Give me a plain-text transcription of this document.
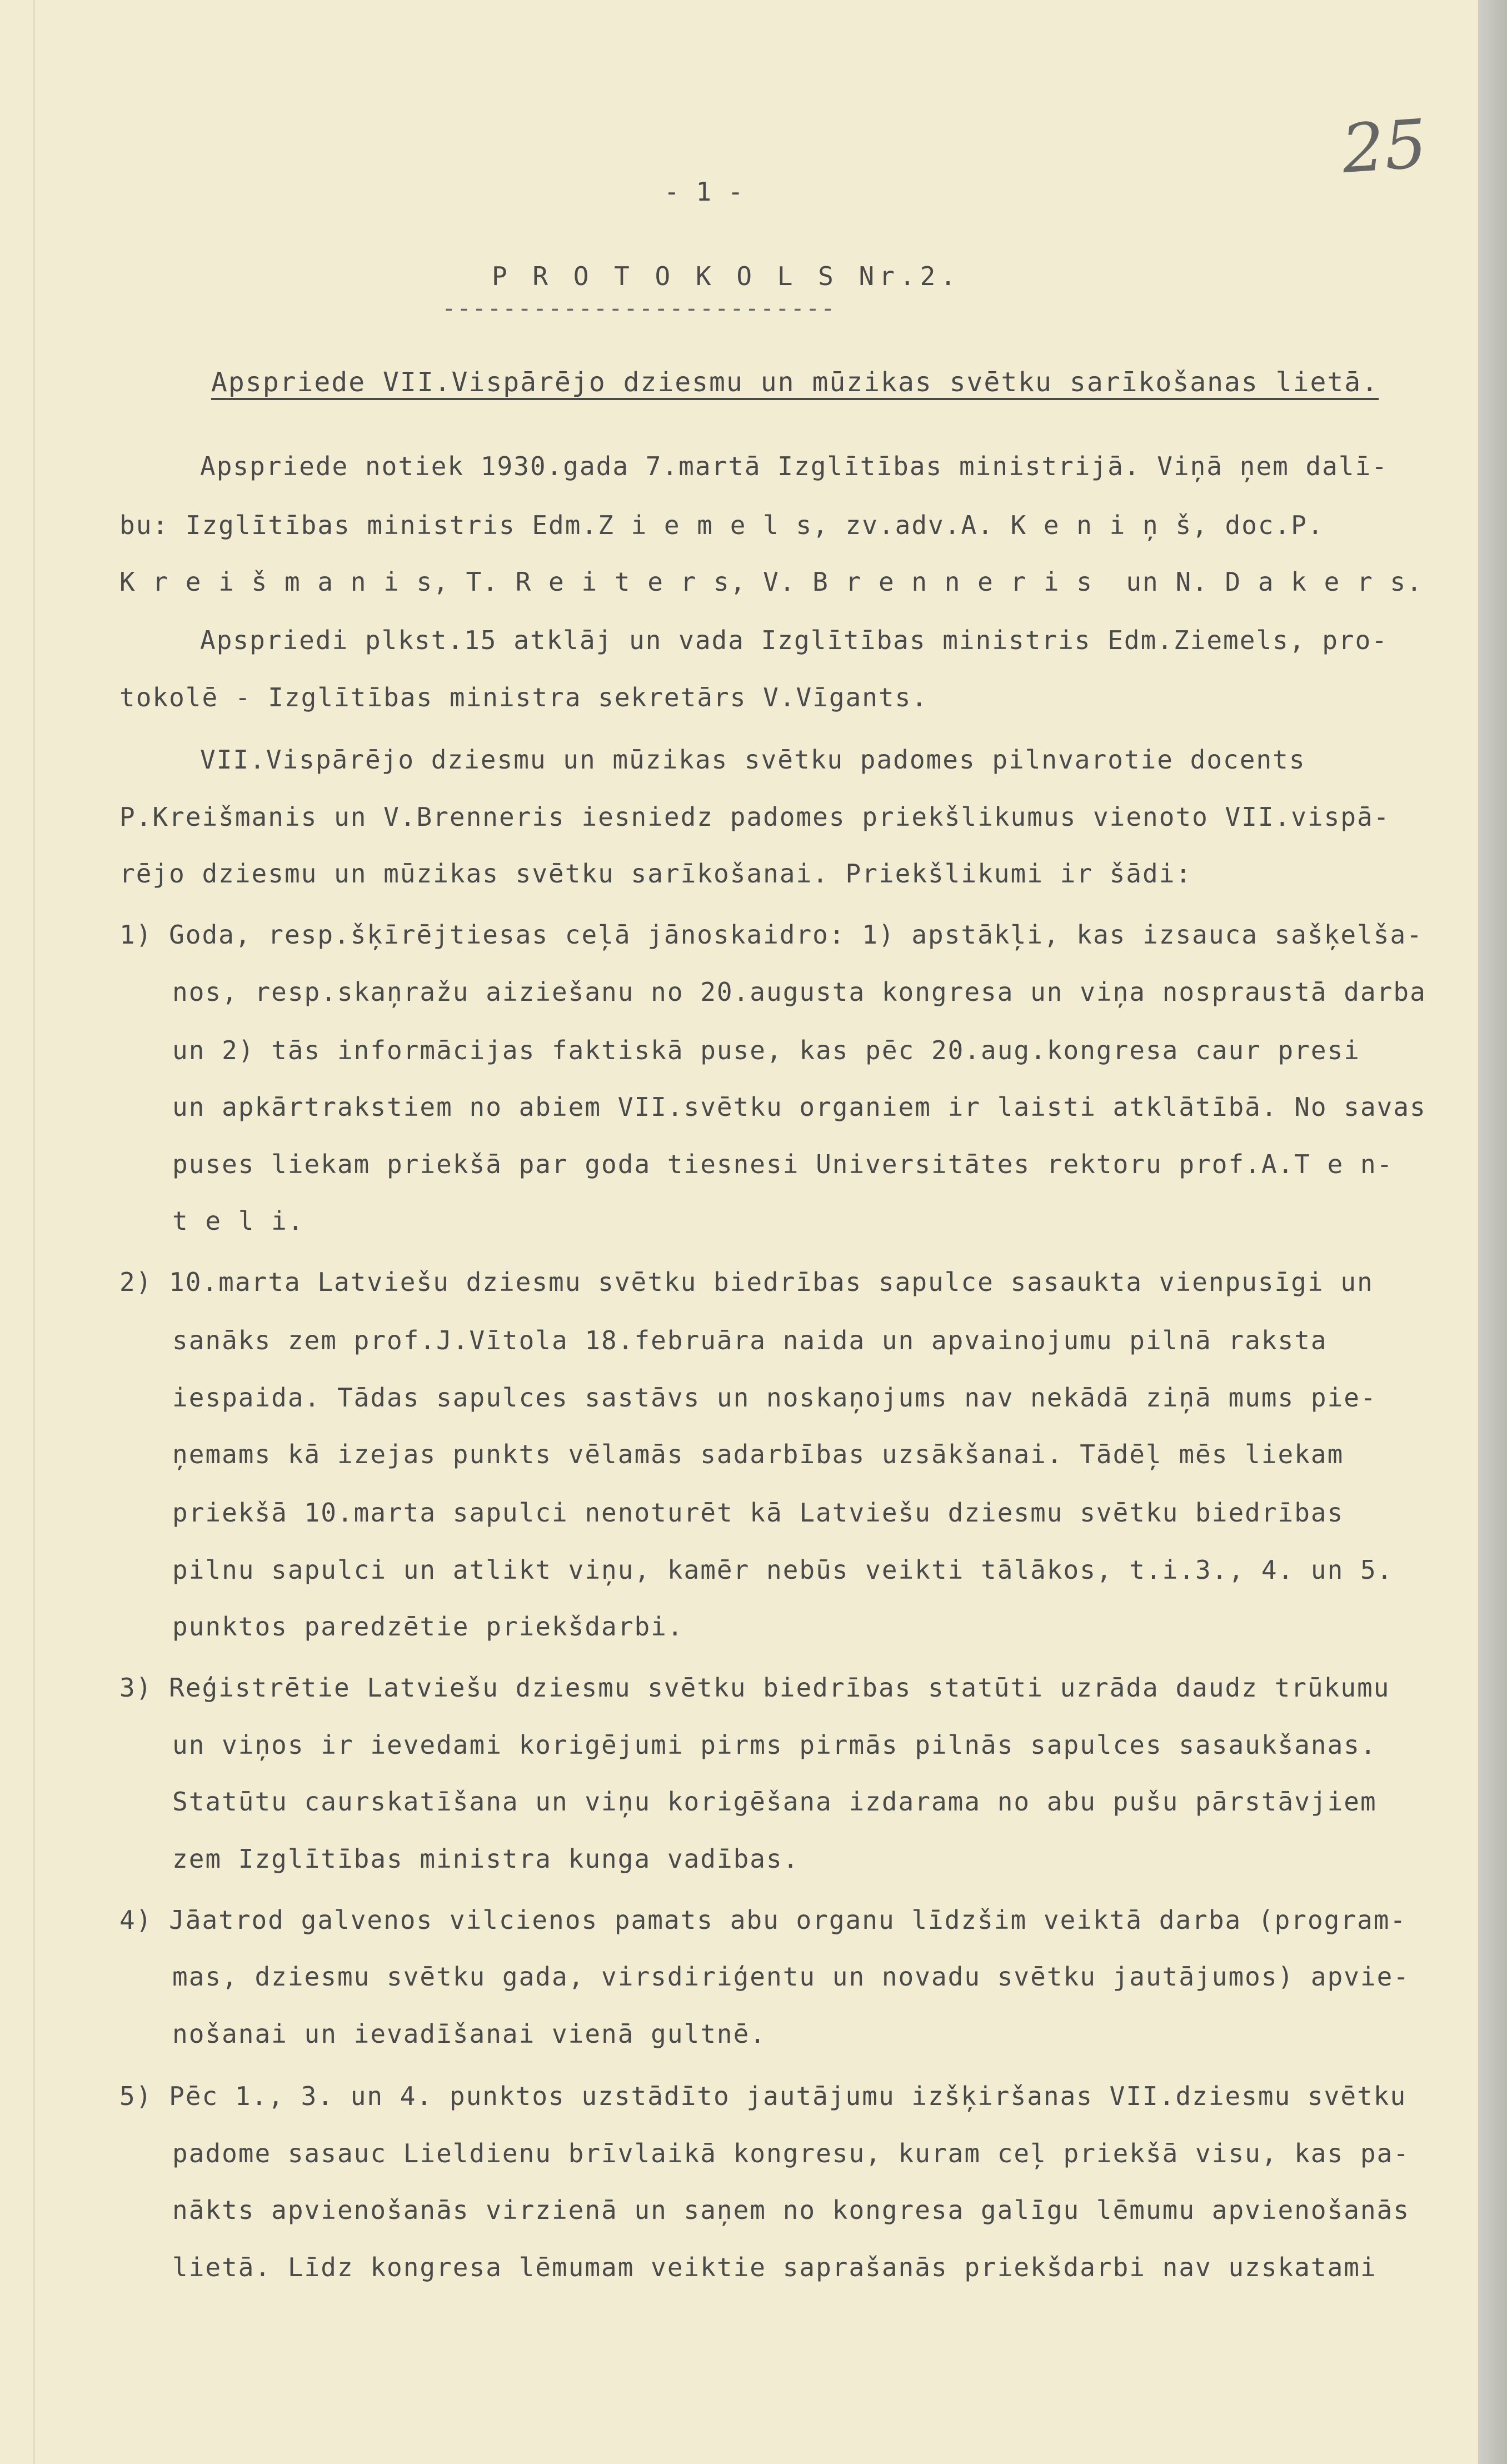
- 1 -
25
P R O T O K O L S Nr.2.
--------------------------
Apspriede VII.Vispārējo dziesmu un mūzikas svētku sarīkošanas lietā.
Apspriede notiek 1930.gada 7.martā Izglītības ministrijā. Viņā ņem dalī-
bu: Izglītības ministris Edm.Z i e m e l s, zv.adv.A. K e n i ņ š, doc.P.
K r e i š m a n i s, T. R e i t e r s, V. B r e n n e r i s  un N. D a k e r s.
Apspriedi plkst.15 atklāj un vada Izglītības ministris Edm.Ziemels, pro-
tokolē - Izglītības ministra sekretārs V.Vīgants.
VII.Vispārējo dziesmu un mūzikas svētku padomes pilnvarotie docents
P.Kreišmanis un V.Brenneris iesniedz padomes priekšlikumus vienoto VII.vispā-
rējo dziesmu un mūzikas svētku sarīkošanai. Priekšlikumi ir šādi:
1) Goda, resp.šķīrējtiesas ceļā jānoskaidro: 1) apstākļi, kas izsauca sašķelša-
nos, resp.skaņražu aiziešanu no 20.augusta kongresa un viņa nospraustā darba
un 2) tās informācijas faktiskā puse, kas pēc 20.aug.kongresa caur presi
un apkārtrakstiem no abiem VII.svētku organiem ir laisti atklātībā. No savas
puses liekam priekšā par goda tiesnesi Universitātes rektoru prof.A.T e n-
t e l i.
2) 10.marta Latviešu dziesmu svētku biedrības sapulce sasaukta vienpusīgi un
sanāks zem prof.J.Vītola 18.februāra naida un apvainojumu pilnā raksta
iespaida. Tādas sapulces sastāvs un noskaņojums nav nekādā ziņā mums pie-
ņemams kā izejas punkts vēlamās sadarbības uzsākšanai. Tādēļ mēs liekam
priekšā 10.marta sapulci nenoturēt kā Latviešu dziesmu svētku biedrības
pilnu sapulci un atlikt viņu, kamēr nebūs veikti tālākos, t.i.3., 4. un 5.
punktos paredzētie priekšdarbi.
3) Reģistrētie Latviešu dziesmu svētku biedrības statūti uzrāda daudz trūkumu
un viņos ir ievedami korigējumi pirms pirmās pilnās sapulces sasaukšanas.
Statūtu caurskatīšana un viņu korigēšana izdarama no abu pušu pārstāvjiem
zem Izglītības ministra kunga vadības.
4) Jāatrod galvenos vilcienos pamats abu organu līdzšim veiktā darba (program-
mas, dziesmu svētku gada, virsdiriģentu un novadu svētku jautājumos) apvie-
nošanai un ievadīšanai vienā gultnē.
5) Pēc 1., 3. un 4. punktos uzstādīto jautājumu izšķiršanas VII.dziesmu svētku
padome sasauc Lieldienu brīvlaikā kongresu, kuram ceļ priekšā visu, kas pa-
nākts apvienošanās virzienā un saņem no kongresa galīgu lēmumu apvienošanās
lietā. Līdz kongresa lēmumam veiktie saprašanās priekšdarbi nav uzskatami
